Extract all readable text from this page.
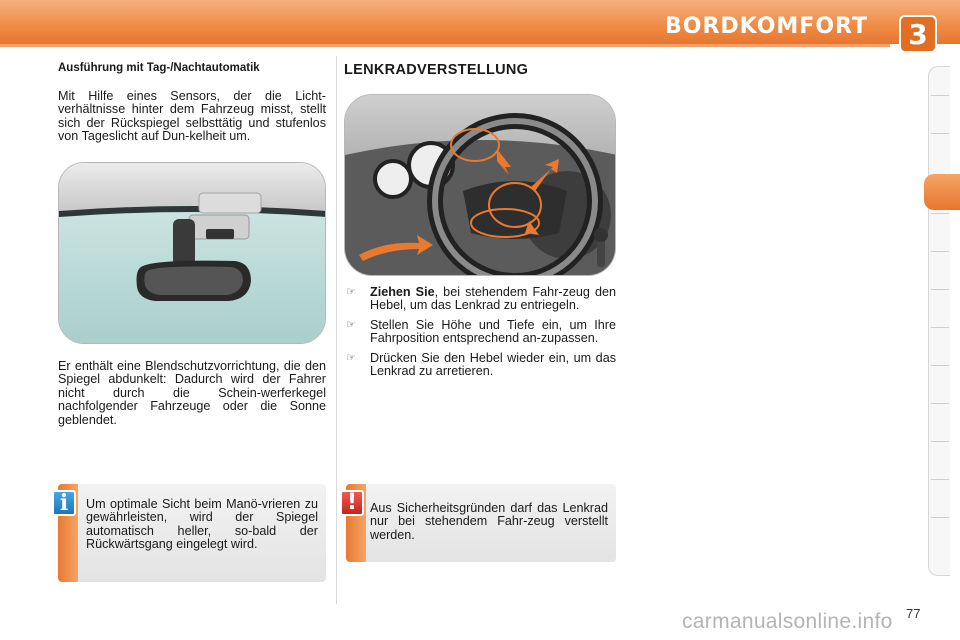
BORDKOMFORT 3
Ausführung mit Tag-/Nachtautomatik
Mit Hilfe eines Sensors, der die Licht-verhältnisse hinter dem Fahrzeug misst, stellt sich der Rückspiegel selbsttätig und stufenlos von Tageslicht auf Dun-kelheit um.
Er enthält eine Blendschutzvorrichtung, die den Spiegel abdunkelt: Dadurch wird der Fahrer nicht durch die Schein-werferkegel nachfolgender Fahrzeuge oder die Sonne geblendet.
Um optimale Sicht beim Manö-vrieren zu gewährleisten, wird der Spiegel automatisch heller, so-bald der Rückwärtsgang eingelegt wird.
i
LENKRADVERSTELLUNG
☞ Ziehen Sie, bei stehendem Fahr-zeug den Hebel, um das Lenkrad zu entriegeln.
☞ Stellen Sie Höhe und Tiefe ein, um Ihre Fahrposition entsprechend an-zupassen.
☞ Drücken Sie den Hebel wieder ein, um das Lenkrad zu arretieren.
Aus Sicherheitsgründen darf das Lenkrad nur bei stehendem Fahr-zeug verstellt werden.
!
77
carmanualsonline.info
